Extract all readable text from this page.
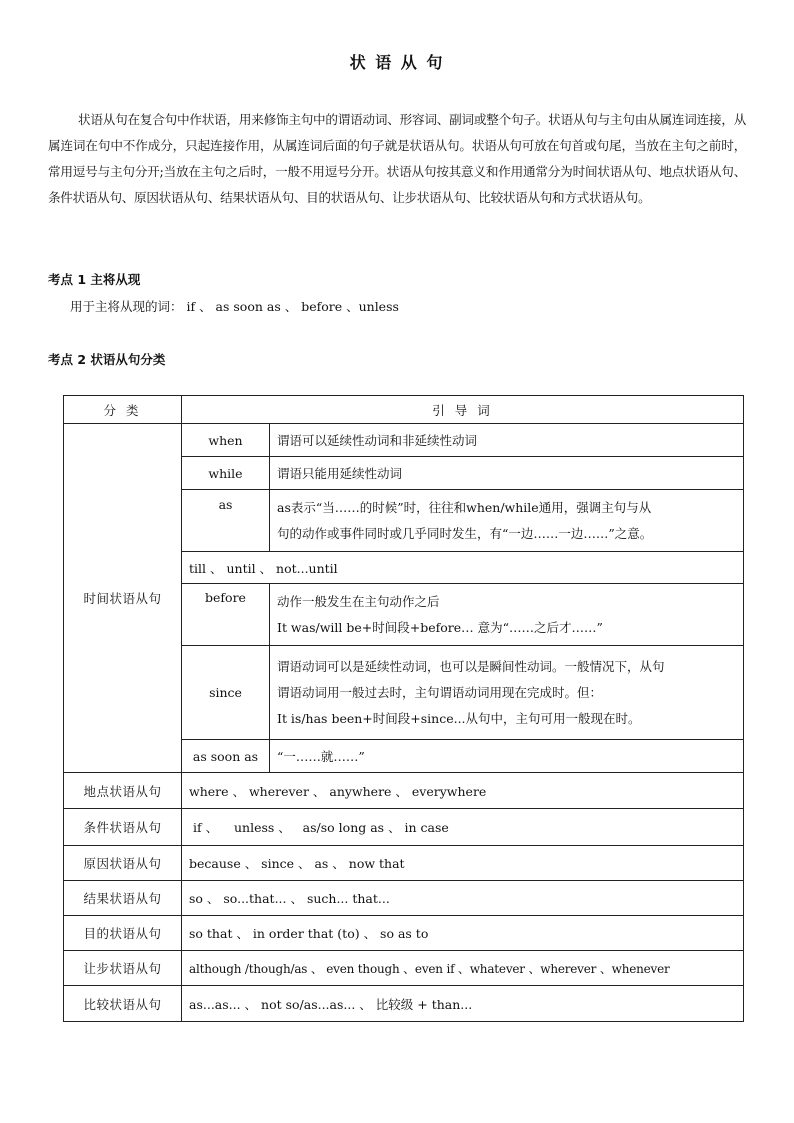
状 语 从 句
状语从句在复合句中作状语，用来修饰主句中的谓语动词、形容词、副词或整个句子。状语从句与主句由从属连词连接，从属连词在句中不作成分，只起连接作用，从属连词后面的句子就是状语从句。状语从句可放在句首或句尾，当放在主句之前时，常用逗号与主句分开;当放在主句之后时，一般不用逗号分开。状语从句按其意义和作用通常分为时间状语从句、地点状语从句、条件状语从句、原因状语从句、结果状语从句、目的状语从句、让步状语从句、比较状语从句和方式状语从句。
考点 1 主将从现
用于主将从现的词： if 、 as soon as 、 before 、unless
考点 2 状语从句分类
分 类	引 导 词	
时间状语从句	when	谓语可以延续性动词和非延续性动词
	while	谓语只能用延续性动词
	as	as表示“当……的时候”时，往往和when/while通用，强调主句与从
句的动作或事件同时或几乎同时发生，有“一边……一边……”之意。

	till 、 until 、 not...until	
	before	动作一般发生在主句动作之后
It was/will be+时间段+before… 意为“……之后才……”

	since	谓语动词可以是延续性动词，也可以是瞬间性动词。一般情况下，从句
谓语动词用一般过去时，主句谓语动词用现在完成时。但：
It is/has been+时间段+since...从句中，主句可用一般现在时。

	as soon as	“一……就……”
地点状语从句	where 、 wherever 、 anywhere 、 everywhere	
条件状语从句	if 、    unless 、   as/so long as 、 in case	
原因状语从句	because 、 since 、 as 、 now that	
结果状语从句	so 、 so...that... 、 such... that...	
目的状语从句	so that 、 in order that (to) 、 so as to	
让步状语从句	although /though/as 、 even though 、even if 、whatever 、wherever 、whenever	
比较状语从句	as...as... 、 not so/as...as... 、 比较级 + than...	
